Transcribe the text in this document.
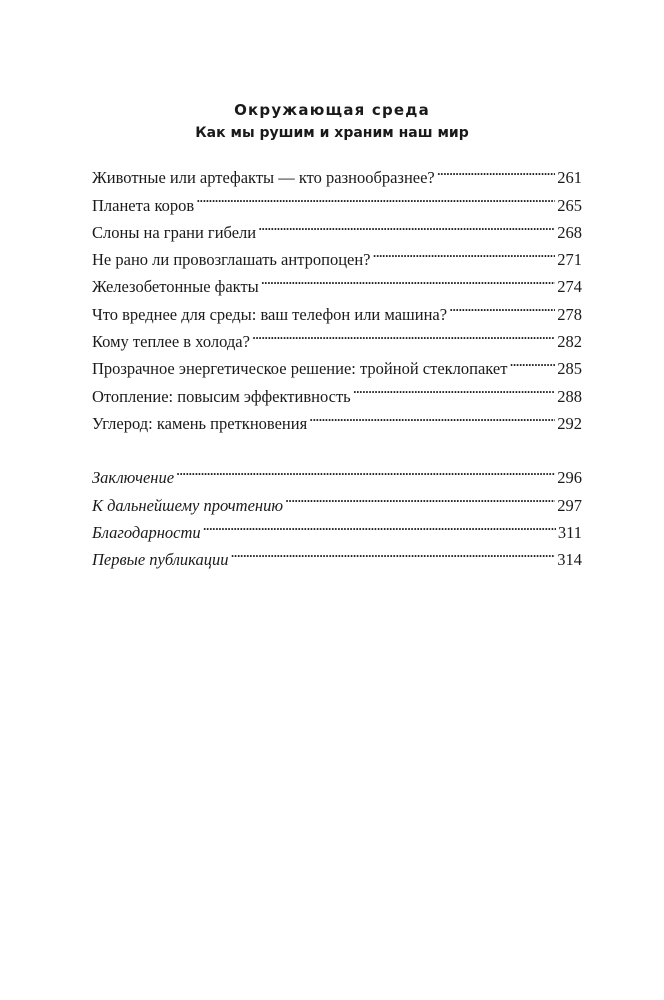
Окружающая среда
Как мы рушим и храним наш мир
Животные или артефакты — кто разнообразнее? . . .	261
Планета коров . . .	265
Слоны на грани гибели . . .	268
Не рано ли провозглашать антропоцен? . . .	271
Железобетонные факты . . .	274
Что вреднее для среды: ваш телефон или машина? . . .	278
Кому теплее в холода? . . .	282
Прозрачное энергетическое решение: тройной стеклопакет . . .	285
Отопление: повысим эффективность . . .	288
Углерод: камень преткновения . . .	292
Заключение . . .	296
К дальнейшему прочтению . . .	297
Благодарности . . .	311
Первые публикации . . .	314
